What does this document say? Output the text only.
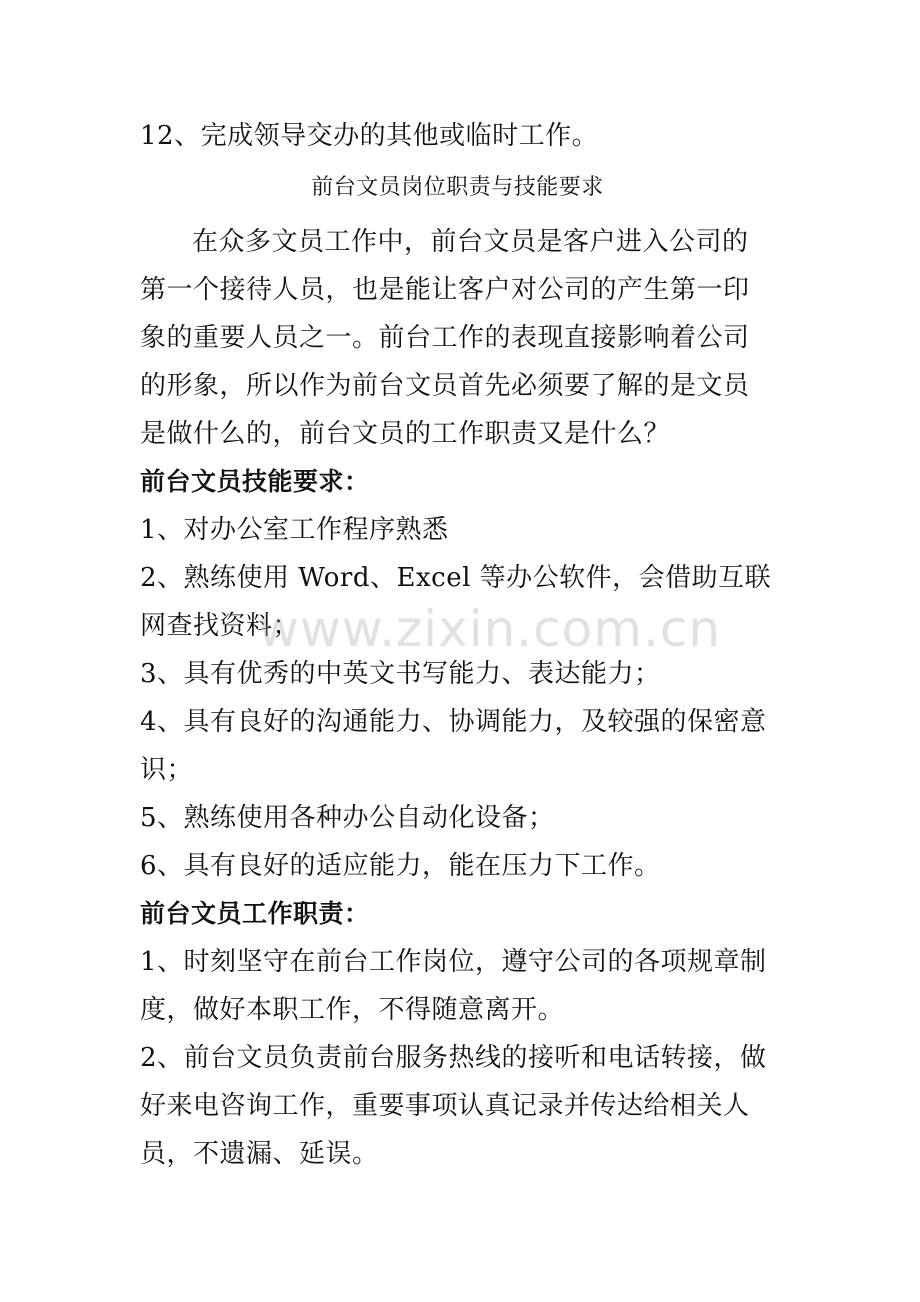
12、完成领导交办的其他或临时工作。
前台文员岗位职责与技能要求
在众多文员工作中，前台文员是客户进入公司的
第一个接待人员，也是能让客户对公司的产生第一印
象的重要人员之一。前台工作的表现直接影响着公司
的形象，所以作为前台文员首先必须要了解的是文员
是做什么的，前台文员的工作职责又是什么？
前台文员技能要求：
1、对办公室工作程序熟悉
2、熟练使用 Word、Excel 等办公软件，会借助互联
网查找资料；
3、具有优秀的中英文书写能力、表达能力；
4、具有良好的沟通能力、协调能力，及较强的保密意
识；
5、熟练使用各种办公自动化设备；
6、具有良好的适应能力，能在压力下工作。
前台文员工作职责：
1、时刻坚守在前台工作岗位，遵守公司的各项规章制
度，做好本职工作，不得随意离开。
2、前台文员负责前台服务热线的接听和电话转接，做
好来电咨询工作，重要事项认真记录并传达给相关人
员，不遗漏、延误。
www.zixin.com.cn
